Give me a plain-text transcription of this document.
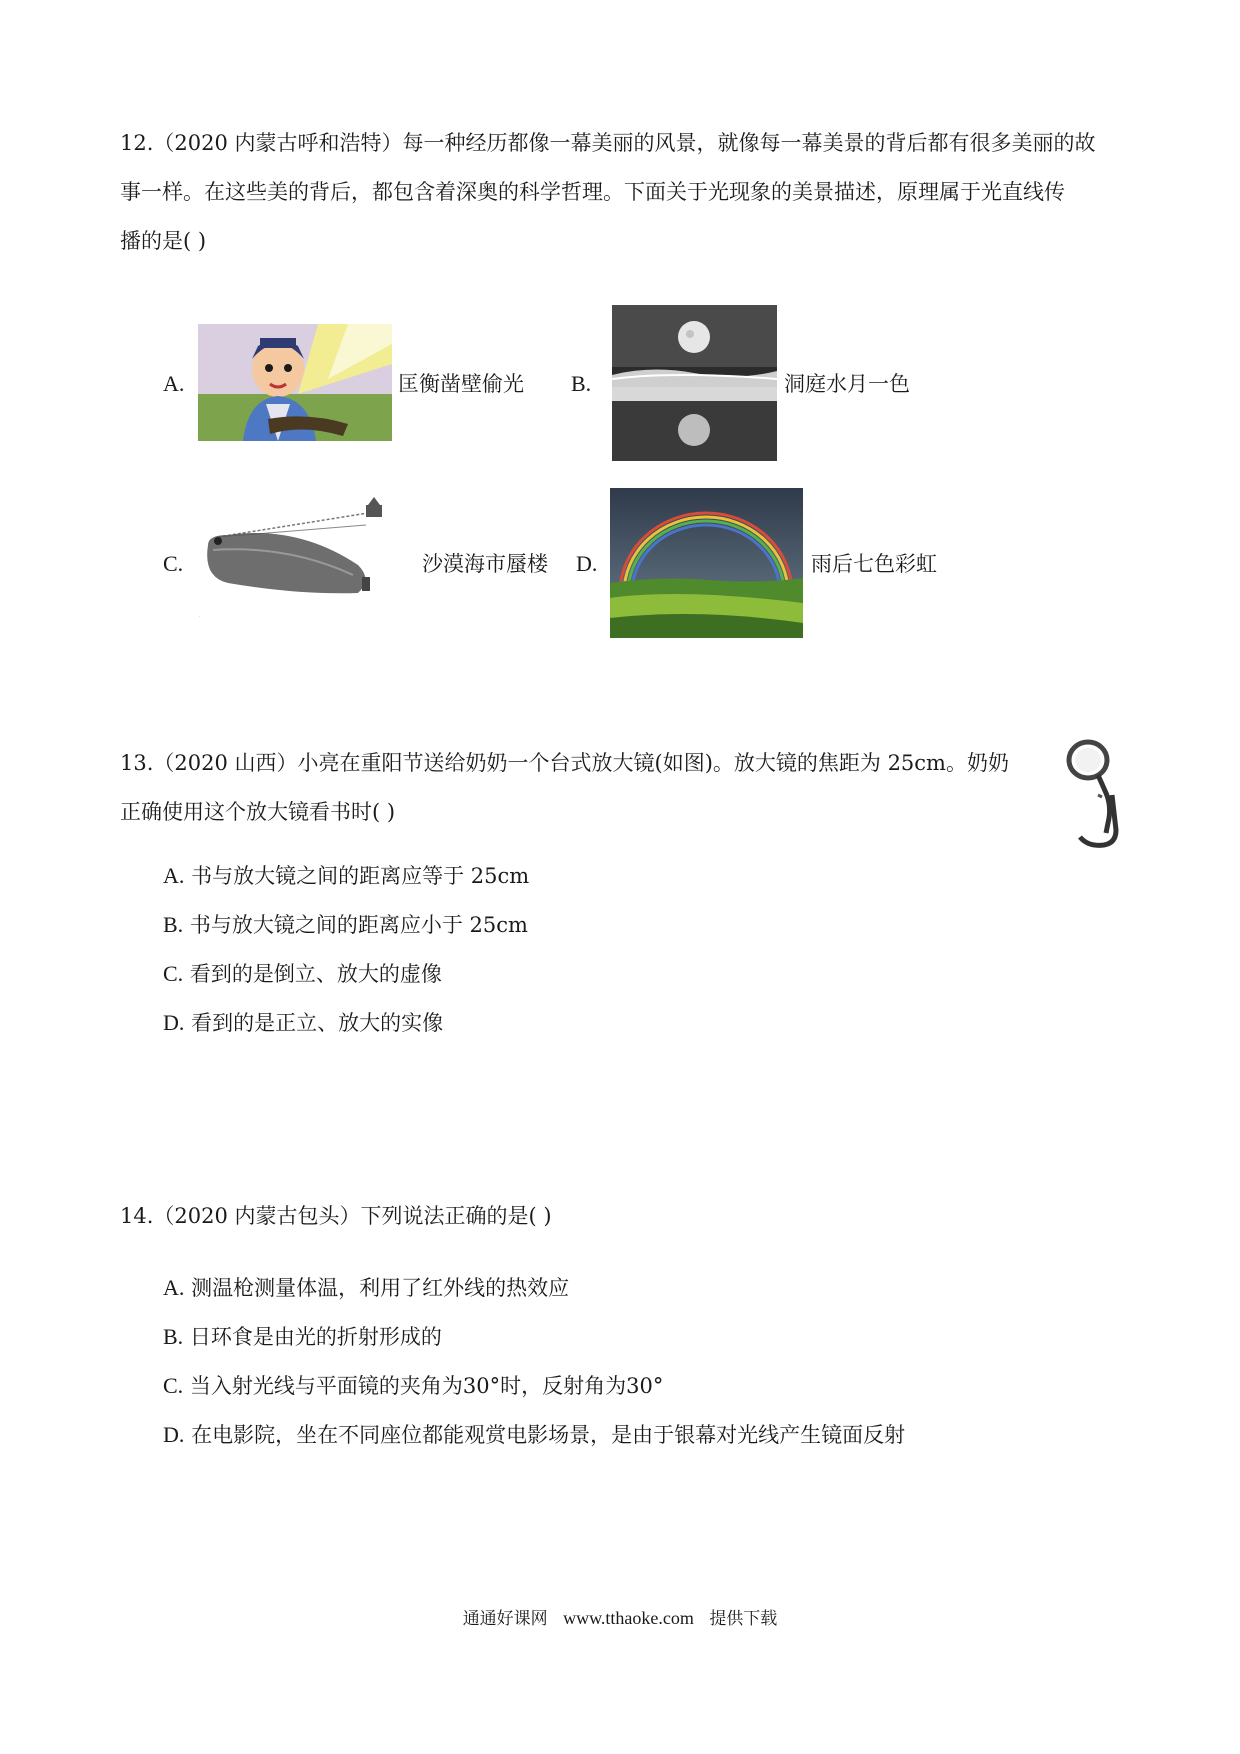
12.（2020 内蒙古呼和浩特）每一种经历都像一幕美丽的风景，就像每一幕美景的背后都有很多美丽的故
事一样。在这些美的背后，都包含着深奥的科学哲理。下面关于光现象的美景描述，原理属于光直线传
播的是( )
A.	匡衡凿壁偷光 B.	洞庭水月一色
C.
.
沙漠海市蜃楼 D.	雨后七色彩虹
13.（2020 山西）小亮在重阳节送给奶奶一个台式放大镜(如图)。放大镜的焦距为 25cm。奶奶
正确使用这个放大镜看书时( )
A. 书与放大镜之间的距离应等于 25cm
B. 书与放大镜之间的距离应小于 25cm
C. 看到的是倒立、放大的虚像
D. 看到的是正立、放大的实像
14.（2020 内蒙古包头）下列说法正确的是( )
A. 测温枪测量体温，利用了红外线的热效应
B. 日环食是由光的折射形成的
C. 当入射光线与平面镜的夹角为30°时，反射角为30°
D. 在电影院，坐在不同座位都能观赏电影场景，是由于银幕对光线产生镜面反射
通通好课网 www.tthaoke.com 提供下载
